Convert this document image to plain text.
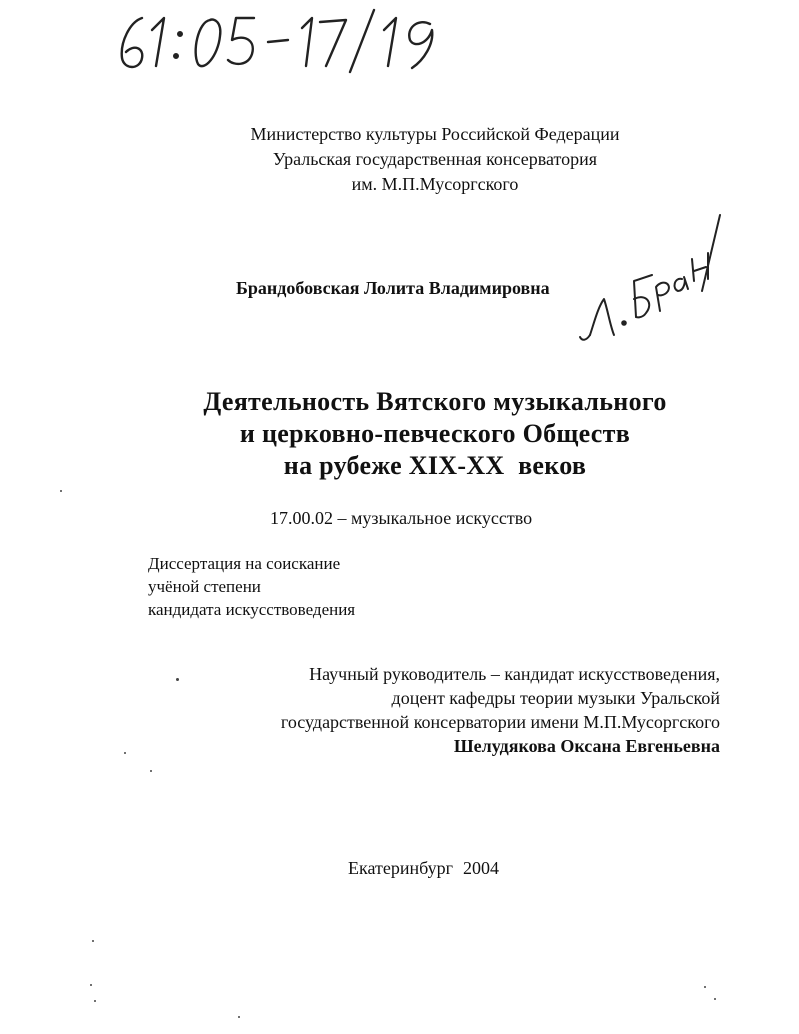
Министерство культуры Российской Федерации
Уральская государственная консерватория
им. М.П.Мусоргского
Брандобовская Лолита Владимировна
Деятельность Вятского музыкального
и церковно-певческого Обществ
на рубеже XIX-XX  веков
17.00.02 – музыкальное искусство
Диссертация на соискание
учёной степени
кандидата искусствоведения
Научный руководитель – кандидат искусствоведения,
доцент кафедры теории музыки Уральской
государственной консерватории имени М.П.Мусоргского
Шелудякова Оксана Евгеньевна
Екатеринбург 2004
